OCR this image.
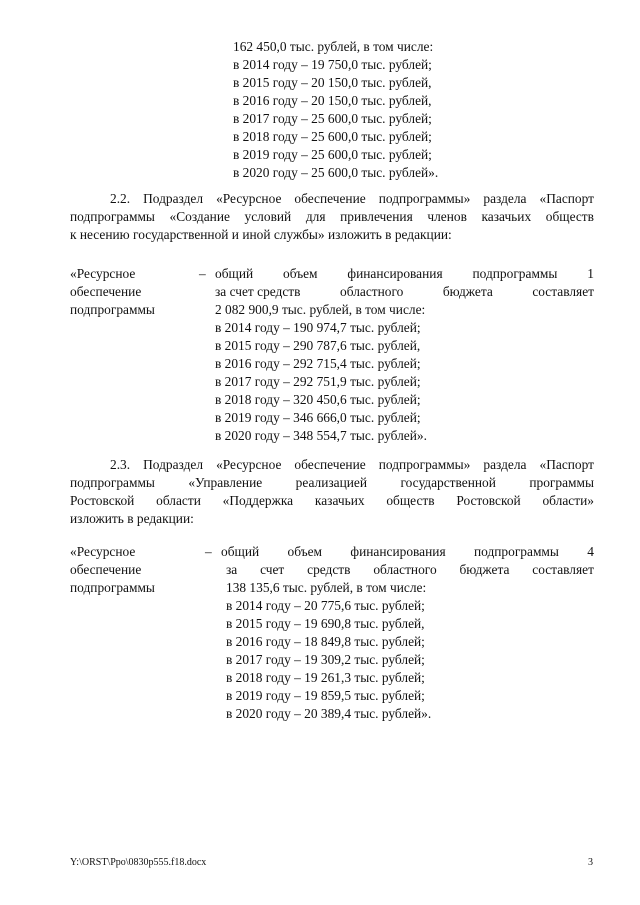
162 450,0 тыс. рублей, в том числе:
в 2014 году – 19 750,0 тыс. рублей;
в 2015 году – 20 150,0 тыс. рублей,
в 2016 году – 20 150,0 тыс. рублей,
в 2017 году – 25 600,0 тыс. рублей;
в 2018 году – 25 600,0 тыс. рублей;
в 2019 году – 25 600,0 тыс. рублей;
в 2020 году – 25 600,0 тыс. рублей».
2.2. Подраздел «Ресурсное обеспечение подпрограммы» раздела «Паспорт
подпрограммы «Создание условий для привлечения членов казачьих обществ
к несению государственной и иной службы» изложить в редакции:
«Ресурсное
обеспечение
подпрограммы
– общий объем финансирования подпрограммы 1
за счет средств	областного	бюджета	составляет
2 082 900,9 тыс. рублей, в том числе:
в 2014 году – 190 974,7 тыс. рублей;
в 2015 году – 290 787,6 тыс. рублей,
в 2016 году – 292 715,4 тыс. рублей;
в 2017 году – 292 751,9 тыс. рублей;
в 2018 году – 320 450,6 тыс. рублей;
в 2019 году – 346 666,0 тыс. рублей;
в 2020 году – 348 554,7 тыс. рублей».
2.3. Подраздел «Ресурсное обеспечение подпрограммы» раздела «Паспорт
подпрограммы «Управление реализацией государственной программы
Ростовской области «Поддержка казачьих обществ Ростовской области»
изложить в редакции:
«Ресурсное
обеспечение
подпрограммы
– общий объем финансирования подпрограммы 4
за счет средств областного бюджета составляет
138 135,6 тыс. рублей, в том числе:
в 2014 году – 20 775,6 тыс. рублей;
в 2015 году – 19 690,8 тыс. рублей,
в 2016 году – 18 849,8 тыс. рублей;
в 2017 году – 19 309,2 тыс. рублей;
в 2018 году – 19 261,3 тыс. рублей;
в 2019 году – 19 859,5 тыс. рублей;
в 2020 году – 20 389,4 тыс. рублей».
Y:\ORST\Ppo\0830p555.f18.docx	3
